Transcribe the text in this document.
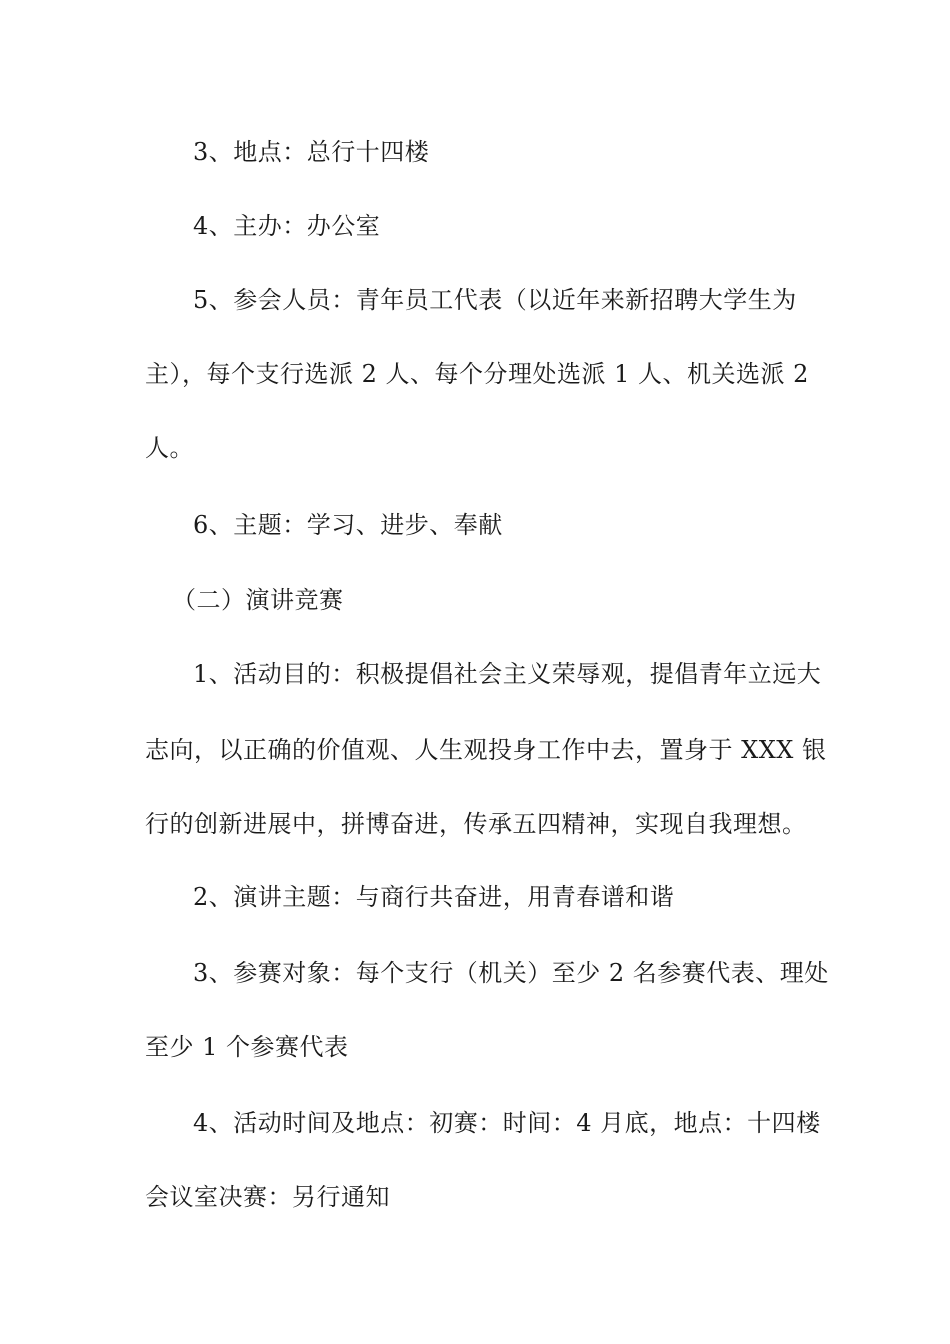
3、地点：总行十四楼
4、主办：办公室
5、参会人员：青年员工代表（以近年来新招聘大学生为
主），每个支行选派 2 人、每个分理处选派 1 人、机关选派 2
人。
6、主题：学习、进步、奉献
（二）演讲竞赛
1、活动目的：积极提倡社会主义荣辱观，提倡青年立远大
志向，以正确的价值观、人生观投身工作中去，置身于 XXX 银
行的创新进展中，拼博奋进，传承五四精神，实现自我理想。
2、演讲主题：与商行共奋进，用青春谱和谐
3、参赛对象：每个支行（机关）至少 2 名参赛代表、理处
至少 1 个参赛代表
4、活动时间及地点：初赛：时间：4 月底，地点：十四楼
会议室决赛：另行通知
